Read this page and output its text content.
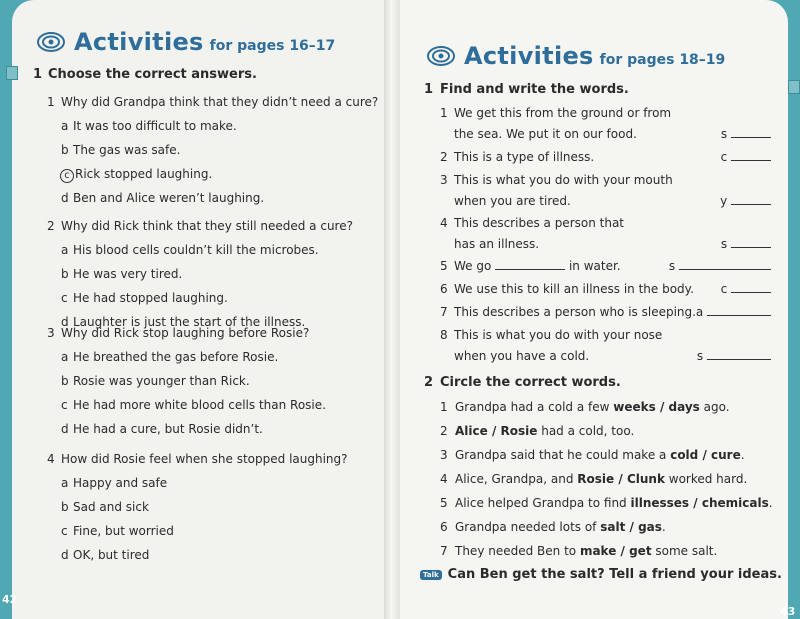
Activities for pages 16–17
1 Choose the correct answers.
1 Why did Grandpa think that they didn’t need a cure?
a It was too difficult to make.
b The gas was safe.
c Rick stopped laughing.
d Ben and Alice weren’t laughing.
2 Why did Rick think that they still needed a cure?
a His blood cells couldn’t kill the microbes.
b He was very tired.
c He had stopped laughing.
d Laughter is just the start of the illness.
3 Why did Rick stop laughing before Rosie?
a He breathed the gas before Rosie.
b Rosie was younger than Rick.
c He had more white blood cells than Rosie.
d He had a cure, but Rosie didn’t.
4 How did Rosie feel when she stopped laughing?
a Happy and safe
b Sad and sick
c Fine, but worried
d OK, but tired
42
Activities for pages 18–19
1 Find and write the words.
1 We get this from the ground or from
the sea. We put it on our food.	s
2 This is a type of illness.	c
3 This is what you do with your mouth
when you are tired.	y
4 This describes a person that
has an illness.	s
5 We go	in water.	s
6 We use this to kill an illness in the body. c
7 This describes a person who is sleeping. a
8 This is what you do with your nose
when you have a cold.	s
2 Circle the correct words.
1 Grandpa had a cold a few weeks / days ago.
2 Alice / Rosie had a cold, too.
3 Grandpa said that he could make a cold / cure.
4 Alice, Grandpa, and Rosie / Clunk worked hard.
5 Alice helped Grandpa to find illnesses / chemicals.
6 Grandpa needed lots of salt / gas.
7 They needed Ben to make / get some salt.
Talk Can Ben get the salt? Tell a friend your ideas.
43
